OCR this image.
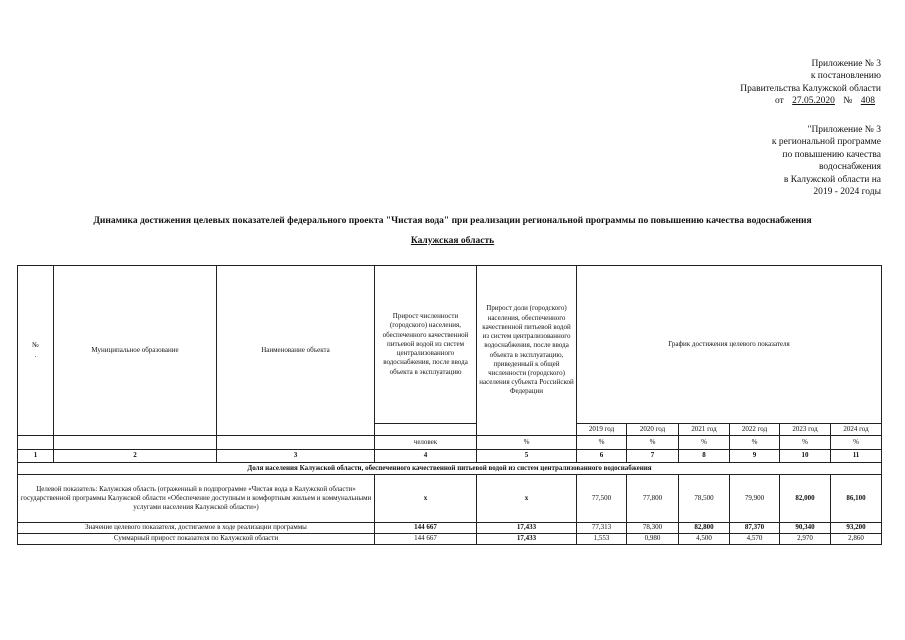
Приложение № 3
к постановлению
Правительства Калужской области
от 27.05.2020 № 408
"Приложение № 3
к региональной программе
по повышению качества
водоснабжения
в Калужской области на
2019 - 2024 годы
Динамика достижения целевых показателей федерального проекта "Чистая вода" при реализации региональной программы по повышению качества водоснабжения
Калужская область
№
.	Муниципальное образование	Наименование объекта	Прирост численности (городского) населения, обеспеченного качественной питьевой водой из систем централизованного водоснабжения, после ввода объекта в эксплуатацию	Прирост доли (городского) населения, обеспеченного качественной питьевой водой из систем централизованного водоснабжения, после ввода объекта в эксплуатацию, приведенный к общей численности (городского) населения субъекта Российской Федерации	График достижения целевого показателя					
					2019 год	2020 год	2021 год	2022 год	2023 год	2024 год
			человек	%	%	%	%	%	%	%
1	2	3	4	5	6	7	8	9	10	11
Доля населения Калужской области, обеспеченного качественной питьевой водой из систем централизованного водоснабжения										
Целевой показатель: Калужская область (отраженный в подпрограмме «Чистая вода в Калужской области» государственной программы Калужской области «Обеспечение доступным и комфортным жильем и коммунальными услугами населения Калужской области»)			x	x	77,500	77,800	78,500	79,900	82,000	86,100
Значение целевого показателя, достигаемое в ходе реализации программы			144 667	17,433	77,313	78,300	82,800	87,370	90,340	93,200
Суммарный прирост показателя по Калужской области			144 667	17,433	1,553	0,980	4,500	4,570	2,970	2,860
